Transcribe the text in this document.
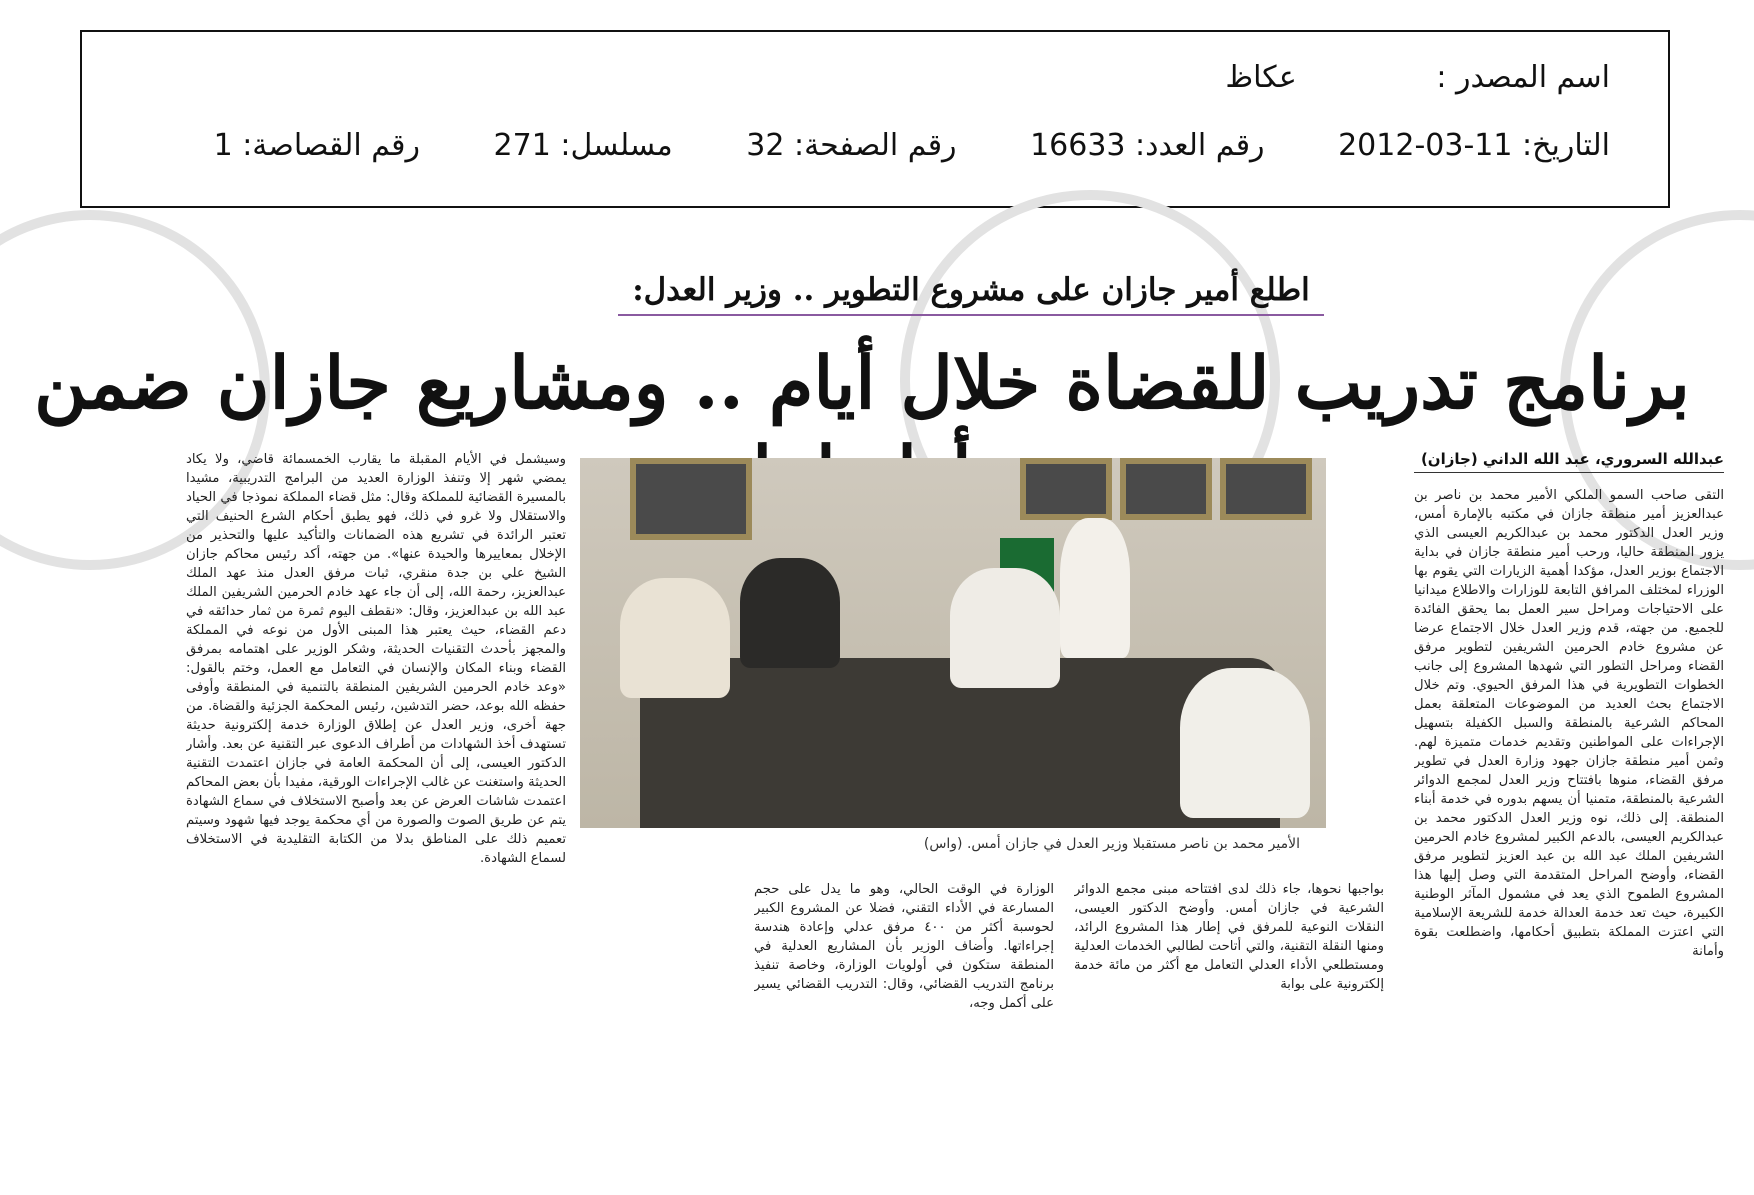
اسم المصدر : عكاظ
التاريخ: 11-03-2012 رقم العدد: 16633 رقم الصفحة: 32 مسلسل: 271 رقم القصاصة: 1
اطلع أمير جازان على مشروع التطوير .. وزير العدل:
برنامج تدريب للقضاة خلال أيام .. ومشاريع جازان ضمن
عبدالله السروري، عبد الله الداني (جازان)
التقى صاحب السمو الملكي الأمير محمد بن ناصر بن عبدالعزيز أمير منطقة جازان في مكتبه بالإمارة أمس، وزير العدل الدكتور محمد بن عبدالكريم العيسى الذي يزور المنطقة حاليا، ورحب أمير منطقة جازان في بداية الاجتماع بوزير العدل، مؤكدا أهمية الزيارات التي يقوم بها الوزراء لمختلف المرافق التابعة للوزارات والاطلاع ميدانيا على الاحتياجات ومراحل سير العمل بما يحقق الفائدة للجميع. من جهته، قدم وزير العدل خلال الاجتماع عرضا عن مشروع خادم الحرمين الشريفين لتطوير مرفق القضاء ومراحل التطور التي شهدها المشروع إلى جانب الخطوات التطويرية في هذا المرفق الحيوي. وتم خلال الاجتماع بحث العديد من الموضوعات المتعلقة بعمل المحاكم الشرعية بالمنطقة والسبل الكفيلة بتسهيل الإجراءات على المواطنين وتقديم خدمات متميزة لهم. وثمن أمير منطقة جازان جهود وزارة العدل في تطوير مرفق القضاء، منوها بافتتاح وزير العدل لمجمع الدوائر الشرعية بالمنطقة، متمنيا أن يسهم بدوره في خدمة أبناء المنطقة. إلى ذلك، نوه وزير العدل الدكتور محمد بن عبدالكريم العيسى، بالدعم الكبير لمشروع خادم الحرمين الشريفين الملك عبد الله بن عبد العزيز لتطوير مرفق القضاء، وأوضح المراحل المتقدمة التي وصل إليها هذا المشروع الطموح الذي يعد في مشمول المآثر الوطنية الكبيرة، حيث تعد خدمة العدالة خدمة للشريعة الإسلامية التي اعتزت المملكة بتطبيق أحكامها، واضطلعت بقوة وأمانة
الأمير محمد بن ناصر مستقبلا وزير العدل في جازان أمس. (واس)
بواجبها نحوها، جاء ذلك لدى افتتاحه مبنى مجمع الدوائر الشرعية في جازان أمس. وأوضح الدكتور العيسى، النقلات النوعية للمرفق في إطار هذا المشروع الرائد، ومنها النقلة التقنية، والتي أتاحت لطالبي الخدمات العدلية ومستطلعي الأداء العدلي التعامل مع أكثر من مائة خدمة إلكترونية على بوابة
الوزارة في الوقت الحالي، وهو ما يدل على حجم المسارعة في الأداء التقني، فضلا عن المشروع الكبير لحوسبة أكثر من ٤٠٠ مرفق عدلي وإعادة هندسة إجراءاتها. وأضاف الوزير بأن المشاريع العدلية في المنطقة ستكون في أولويات الوزارة، وخاصة تنفيذ برنامج التدريب القضائي، وقال: التدريب القضائي يسير على أكمل وجه،
وسيشمل في الأيام المقبلة ما يقارب الخمسمائة قاضي، ولا يكاد يمضي شهر إلا وتنفذ الوزارة العديد من البرامج التدريبية، مشيدا بالمسيرة القضائية للمملكة وقال: مثل قضاء المملكة نموذجا في الحياد والاستقلال ولا غرو في ذلك، فهو يطبق أحكام الشرع الحنيف التي تعتبر الرائدة في تشريع هذه الضمانات والتأكيد عليها والتحذير من الإخلال بمعاييرها والحيدة عنها». من جهته، أكد رئيس محاكم جازان الشيخ علي بن جدة منقري، ثبات مرفق العدل منذ عهد الملك عبدالعزيز، رحمة الله، إلى أن جاء عهد خادم الحرمين الشريفين الملك عبد الله بن عبدالعزيز، وقال: «نقطف اليوم ثمرة من ثمار حدائقه في دعم القضاء، حيث يعتبر هذا المبنى الأول من نوعه في المملكة والمجهز بأحدث التقنيات الحديثة، وشكر الوزير على اهتمامه بمرفق القضاء وبناء المكان والإنسان في التعامل مع العمل، وختم بالقول: «وعد خادم الحرمين الشريفين المنطقة بالتنمية في المنطقة وأوفى حفظه الله بوعد، حضر التدشين، رئيس المحكمة الجزئية والقضاة. من جهة أخرى، وزير العدل عن إطلاق الوزارة خدمة إلكترونية حديثة تستهدف أخذ الشهادات من أطراف الدعوى عبر التقنية عن بعد. وأشار الدكتور العيسى، إلى أن المحكمة العامة في جازان اعتمدت التقنية الحديثة واستغنت عن غالب الإجراءات الورقية، مفيدا بأن بعض المحاكم اعتمدت شاشات العرض عن بعد وأصبح الاستخلاف في سماع الشهادة يتم عن طريق الصوت والصورة من أي محكمة يوجد فيها شهود وسيتم تعميم ذلك على المناطق بدلا من الكتابة التقليدية في الاستخلاف لسماع الشهادة.
